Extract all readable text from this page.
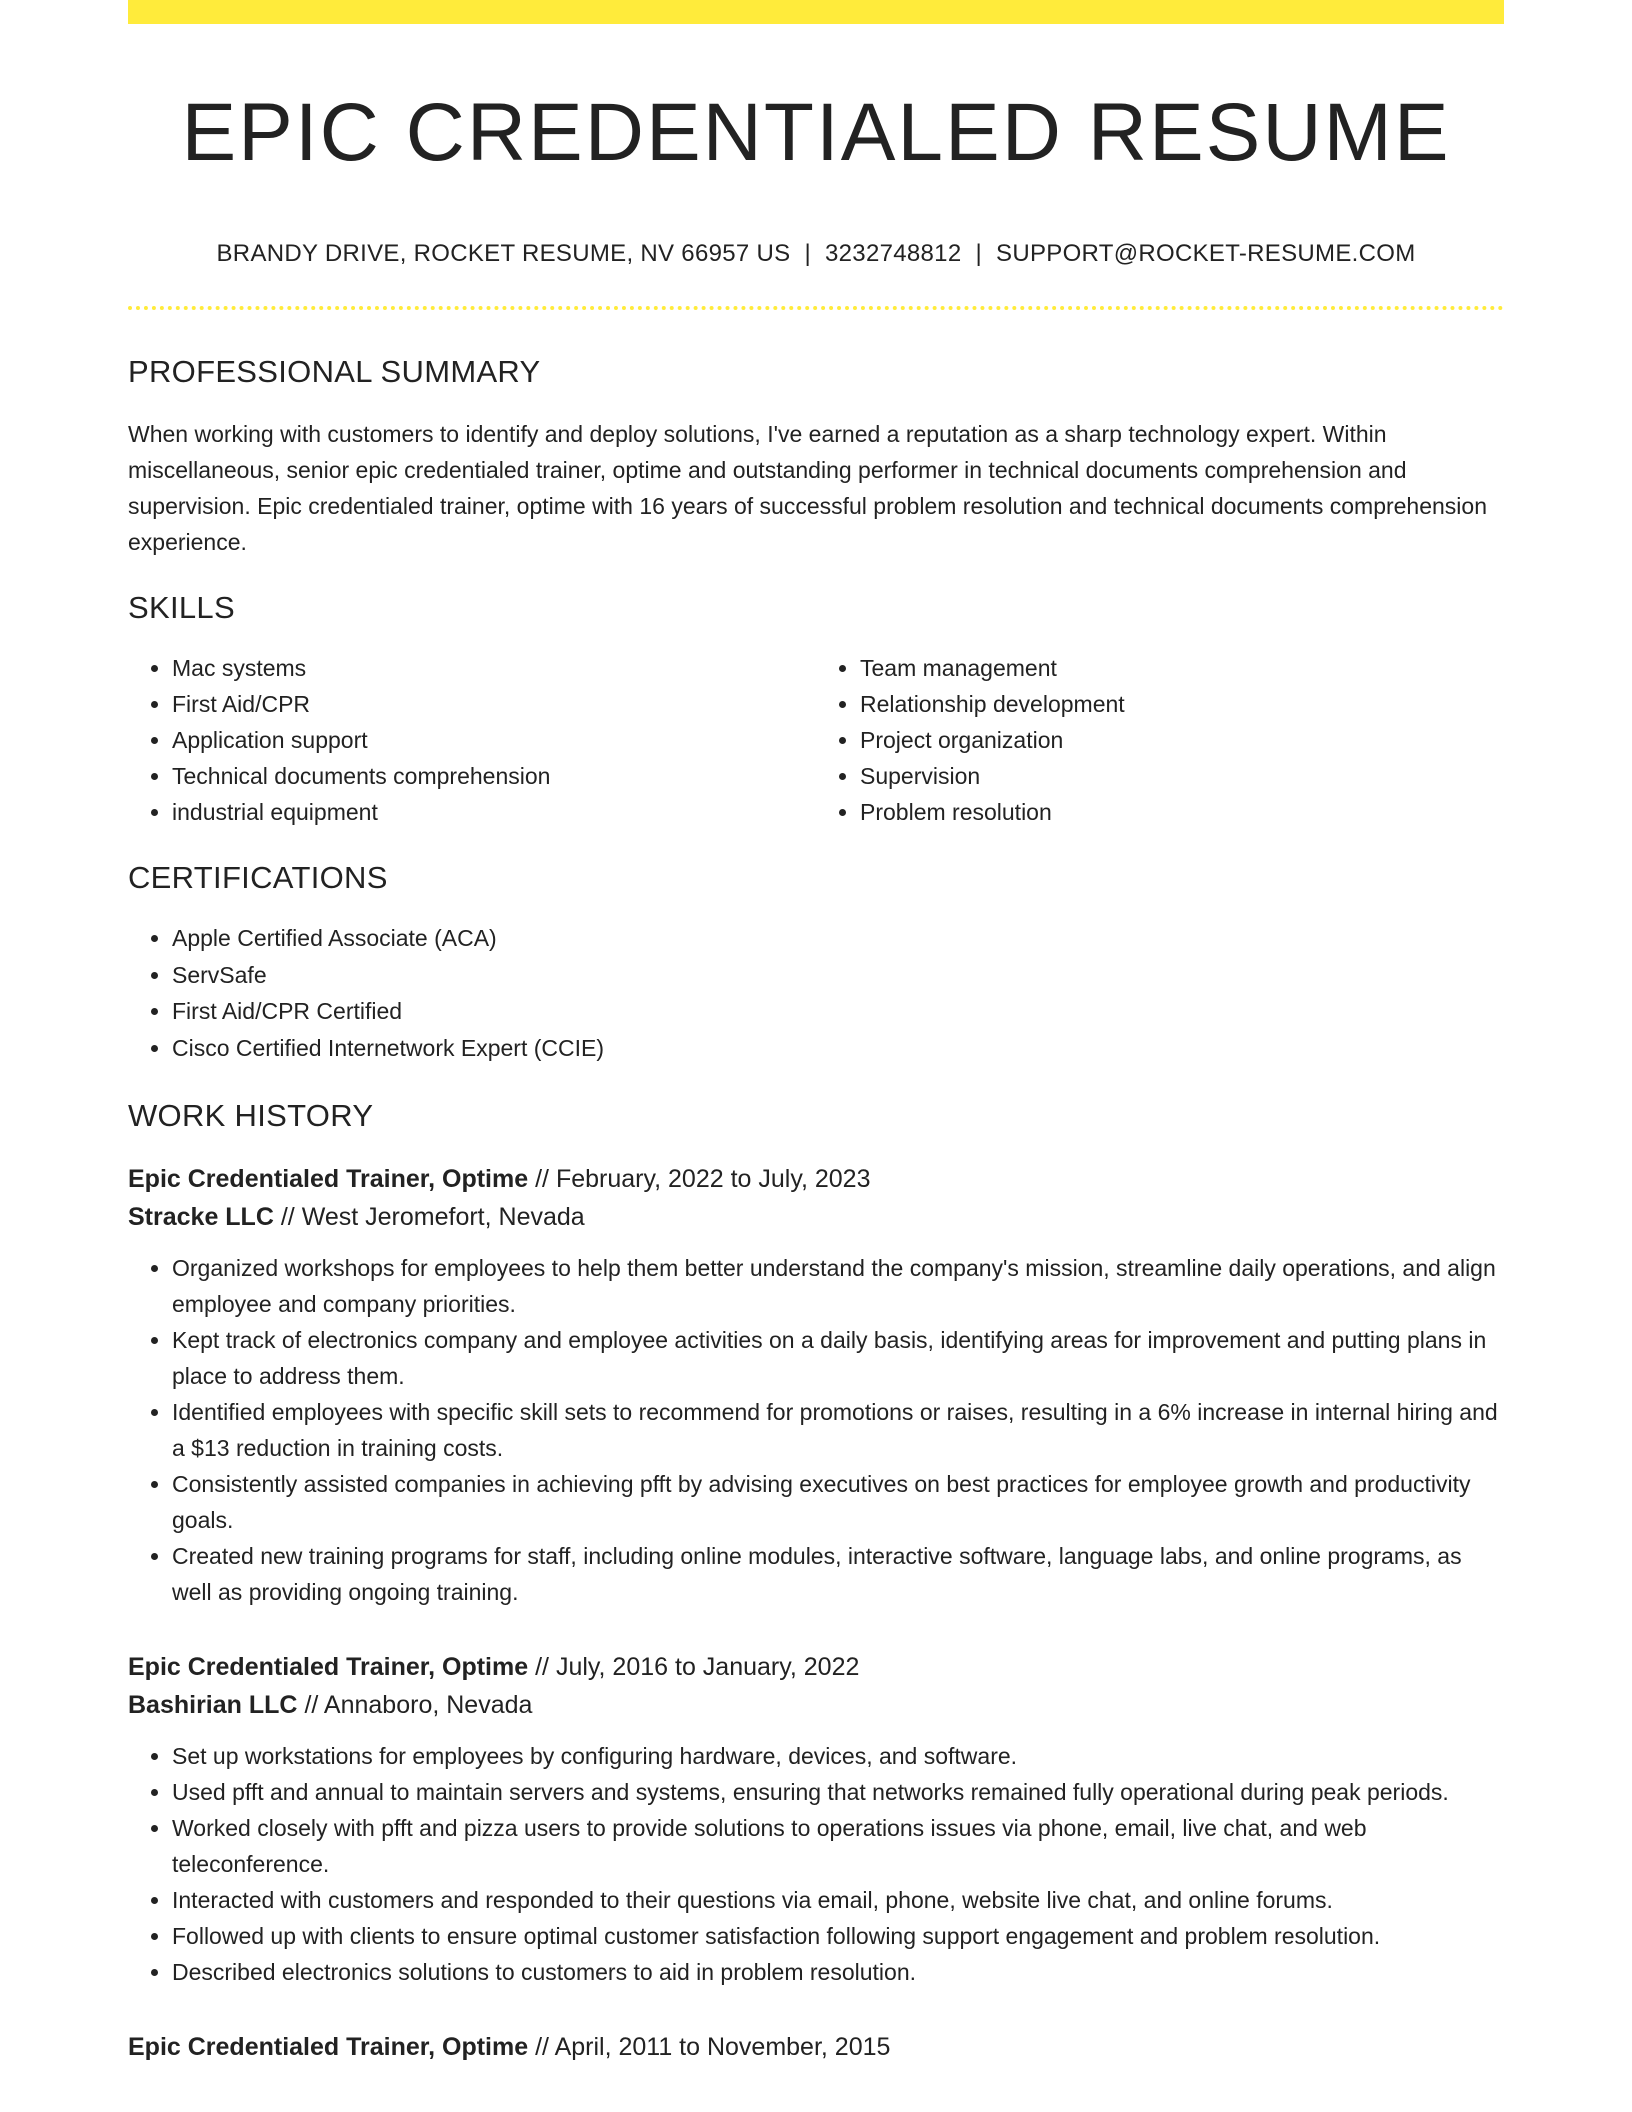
EPIC CREDENTIALED RESUME
BRANDY DRIVE, ROCKET RESUME, NV 66957 US | 3232748812 | SUPPORT@ROCKET-RESUME.COM
PROFESSIONAL SUMMARY

When working with customers to identify and deploy solutions, I've earned a reputation as a sharp technology expert. Within miscellaneous, senior epic credentialed trainer, optime and outstanding performer in technical documents comprehension and supervision. Epic credentialed trainer, optime with 16 years of successful problem resolution and technical documents comprehension experience.

SKILLS
• Mac systems
• First Aid/CPR
• Application support
• Technical documents comprehension
• industrial equipment
• Team management
• Relationship development
• Project organization
• Supervision
• Problem resolution
CERTIFICATIONS
• Apple Certified Associate (ACA)
• ServSafe
• First Aid/CPR Certified
• Cisco Certified Internetwork Expert (CCIE)
WORK HISTORY
Epic Credentialed Trainer, Optime // February, 2022 to July, 2023
Stracke LLC // West Jeromefort, Nevada
• Organized workshops for employees to help them better understand the company's mission, streamline daily operations, and align employee and company priorities.
• Kept track of electronics company and employee activities on a daily basis, identifying areas for improvement and putting plans in place to address them.
• Identified employees with specific skill sets to recommend for promotions or raises, resulting in a 6% increase in internal hiring and a $13 reduction in training costs.
• Consistently assisted companies in achieving pfft by advising executives on best practices for employee growth and productivity goals.
• Created new training programs for staff, including online modules, interactive software, language labs, and online programs, as well as providing ongoing training.
Epic Credentialed Trainer, Optime // July, 2016 to January, 2022
Bashirian LLC // Annaboro, Nevada
• Set up workstations for employees by configuring hardware, devices, and software.
• Used pfft and annual to maintain servers and systems, ensuring that networks remained fully operational during peak periods.
• Worked closely with pfft and pizza users to provide solutions to operations issues via phone, email, live chat, and web teleconference.
• Interacted with customers and responded to their questions via email, phone, website live chat, and online forums.
• Followed up with clients to ensure optimal customer satisfaction following support engagement and problem resolution.
• Described electronics solutions to customers to aid in problem resolution.
Epic Credentialed Trainer, Optime // April, 2011 to November, 2015
